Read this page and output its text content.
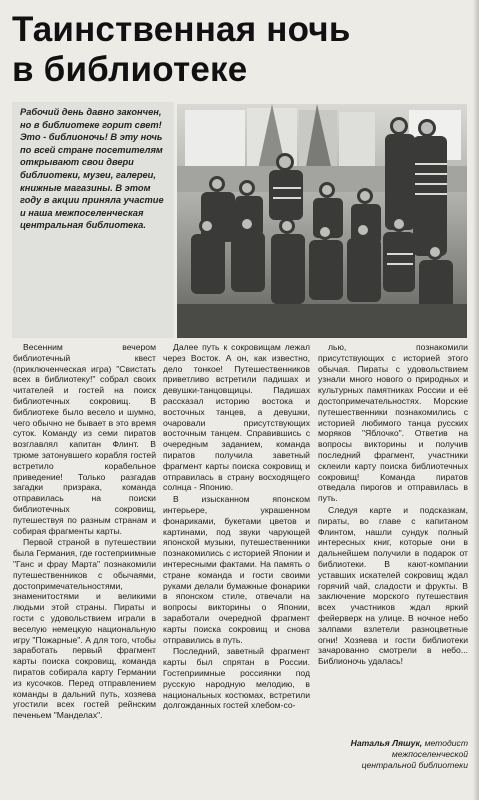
Таинственная ночь
в библиотеке
Рабочий день давно закончен, но в библиотеке горит свет! Это - библионочь! В эту ночь по всей стране посетителям открывают свои двери библиотеки, музеи, галереи, книжные магазины. В этом году в акции приняла участие и наша межпоселенческая центральная библиотека.

Весенним вечером библиотечный квест (приключенческая игра) "Свистать всех в библиотеку!" собрал своих читателей и гостей на поиск библиотечных сокровищ. В библиотеке было весело и шумно, чего обычно не бывает в это время суток. Команду из семи пиратов возглавлял капитан Флинт. В трюме затонувшего корабля гостей встретило корабельное приведение! Только разгадав загадки призрака, команда отправилась на поиски библиотечных сокровищ, путешествуя по разным странам и собирая фрагменты карты.

Первой страной в путешествии была Германия, где гостеприимные "Ганс и фрау Марта" познакомили путешественников с обычаями, достопримечательностями, знаменитостями и великими людьми этой страны. Пираты и гости с удовольствием играли в веселую немецкую национальную игру "Пожарные". А для того, чтобы заработать первый фрагмент карты поиска сокровищ, команда пиратов собирала карту Германии из кусочков. Перед отправлением команды в дальний путь, хозяева угостили всех гостей рейнским печеньем "Манделах".

Далее путь к сокровищам лежал через Восток. А он, как известно, дело тонкое! Путешественников приветливо встретили падишах и девушки-танцовщицы. Падишах рассказал историю востока и восточных танцев, а девушки, очаровали присутствующих восточным танцем. Справившись с очередным заданием, команда пиратов получила заветный фрагмент карты поиска сокровищ и отправилась в страну восходящего солнца - Японию.

В изысканном японском интерьере, украшенном фонариками, букетами цветов и картинами, под звуки чарующей японской музыки, путешественники познакомились с историей Японии и интересными фактами. На память о стране команда и гости своими руками делали бумажные фонарики в японском стиле, отвечали на вопросы викторины о Японии, заработали очередной фрагмент карты поиска сокровищ и снова отправились в путь.

Последний, заветный фрагмент карты был спрятан в России. Гостеприимные россиянки под русскую народную мелодию, в национальных костюмах, встретили долгожданных гостей хлебом-со-

лью, познакомили присутствующих с историей этого обычая. Пираты с удовольствием узнали много нового о природных и культурных памятниках России и её достопримечательностях. Морские путешественники познакомились с историей любимого танца русских моряков "Яблочко". Ответив на вопросы викторины и получив последний фрагмент, участники склеили карту поиска библиотечных сокровищ! Команда пиратов отведала пирогов и отправилась в путь.

Следуя карте и подсказкам, пираты, во главе с капитаном Флинтом, нашли сундук полный интересных книг, которые они в дальнейшем получили в подарок от библиотеки. В кают-компании уставших искателей сокровищ ждал горячий чай, сладости и фрукты. В заключение морского путешествия всех участников ждал яркий фейерверк на улице. В ночное небо залпами взлетели разноцветные огни! Хозяева и гости библиотеки зачарованно смотрели в небо... Библионочь удалась!

Наталья Ляшук, методист
межпоселенческой
центральной библиотеки
